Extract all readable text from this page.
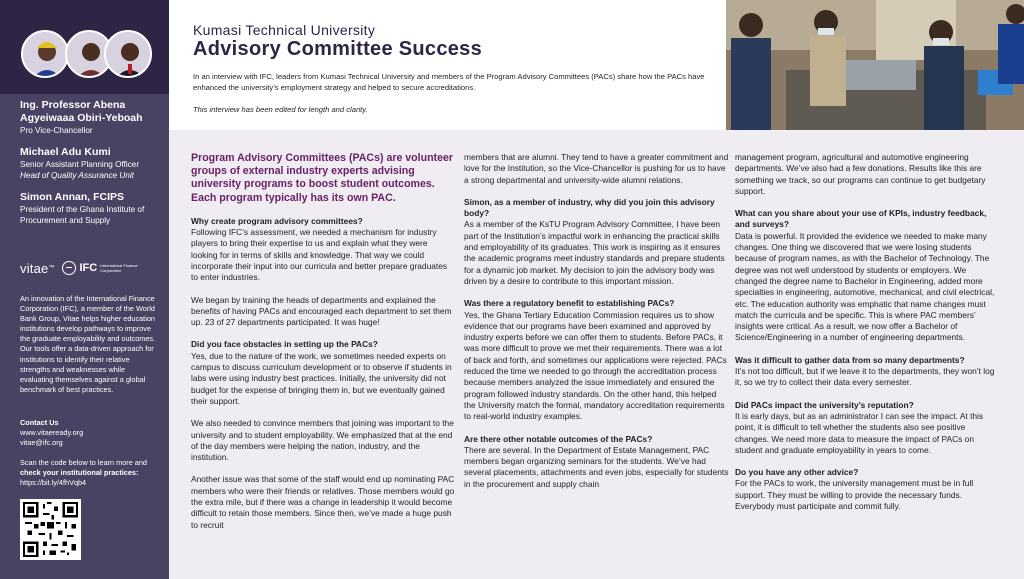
Ing. Professor Abena Agyeiwaaa Obiri-Yeboah
Pro Vice-Chancellor
Michael Adu Kumi
Senior Assistant Planning Officer
Head of Quality Assurance Unit
Simon Annan, FCIPS
President of the Ghana Institute of Procurement and Supply
vitae ™ IFC International Finance Corporation
An innovation of the International Finance Corporation (IFC), a member of the World Bank Group, Vitae helps higher education institutions develop pathways to improve the graduate employability and outcomes. Our tools offer a data-driven approach for institutions to identify their relative strengths and weaknesses while evaluating themselves against a global benchmark of best practices.
Contact Us
www.vitaeready.org
vitae@ifc.org
Scan the code below to learn more and check your institutional practices: https://bit.ly/4fhVqb4
Kumasi Technical University
Advisory Committee Success
In an interview with IFC, leaders from Kumasi Technical University and members of the Program Advisory Committees (PACs) share how the PACs have enhanced the university’s employment strategy and helped to secure accreditations.
This interview has been edited for length and clarity.
Program Advisory Committees (PACs) are volunteer groups of external industry experts advising university programs to boost student outcomes. Each program typically has its own PAC.
Why create program advisory committees?
Following IFC’s assessment, we needed a mechanism for industry players to bring their expertise to us and explain what they were looking for in terms of skills and knowledge. That way we could incorporate their input into our curricula and better prepare graduates to enter industries.
We began by training the heads of departments and explained the benefits of having PACs and encouraged each department to set them up. 23 of 27 departments participated. It was huge!
Did you face obstacles in setting up the PACs?
Yes, due to the nature of the work, we sometimes needed experts on campus to discuss curriculum development or to observe if students in labs were using industry best practices. Initially, the university did not budget for the expense of bringing them in, but we eventually gained their support.
We also needed to convince members that joining was important to the university and to student employability. We emphasized that at the end of the day members were helping the nation, industry, and the institution.
Another issue was that some of the staff would end up nominating PAC members who were their friends or relatives. Those members would go the extra mile, but if there was a change in leadership it would become difficult to retain those members. Since then, we’ve made a huge push to recruit
members that are alumni. They tend to have a greater commitment and love for the Institution, so the Vice-Chancellor is pushing for us to have a strong departmental and university-wide alumni relations.
Simon, as a member of industry, why did you join this advisory body?
As a member of the KsTU Program Advisory Committee, I have been part of the Institution’s impactful work in enhancing the practical skills and employability of its graduates. This work is inspiring as it ensures the academic programs meet industry standards and prepare students for a dynamic job market. My decision to join the advisory body was driven by a desire to contribute to this important mission.
Was there a regulatory benefit to establishing PACs?
Yes, the Ghana Tertiary Education Commission requires us to show evidence that our programs have been examined and approved by industry experts before we can offer them to students. Before PACs, it was more difficult to prove we met their requirements. There was a lot of back and forth, and sometimes our applications were rejected. PACs reduced the time we needed to go through the accreditation process because members analyzed the issue immediately and ensured the program followed industry standards. On the other hand, this helped the University match the formal, mandatory accreditation requirements to real-world industry examples.
Are there other notable outcomes of the PACs?
There are several. In the Department of Estate Management, PAC members began organizing seminars for the students. We’ve had several placements, attachments and even jobs, especially for students in the procurement and supply chain
management program, agricultural and automotive engineering departments. We’ve also had a few donations. Results like this are something we track, so our programs can continue to get budgetary support.
What can you share about your use of KPIs, industry feedback, and surveys?
Data is powerful. It provided the evidence we needed to make many changes. One thing we discovered that we were losing students because of program names, as with the Bachelor of Technology. The degree was not well understood by students or employers. We changed the degree name to Bachelor in Engineering, added more specialties in engineering, automotive, mechanical, and civil electrical, etc. The education authority was emphatic that name changes must match the curricula and be specific. This is where PAC members’ insights were critical. As a result, we now offer a Bachelor of Science/Engineering in a number of engineering departments.
Was it difficult to gather data from so many departments?
It’s not too difficult, but if we leave it to the departments, they won’t log it, so we try to collect their data every semester.
Did PACs impact the university’s reputation?
It is early days, but as an administrator I can see the impact. At this point, it is difficult to tell whether the students also see positive changes. We need more data to measure the impact of PACs on student and graduate employability in years to come.
Do you have any other advice?
For the PACs to work, the university management must be in full support. They must be willing to provide the necessary funds. Everybody must participate and commit fully.
